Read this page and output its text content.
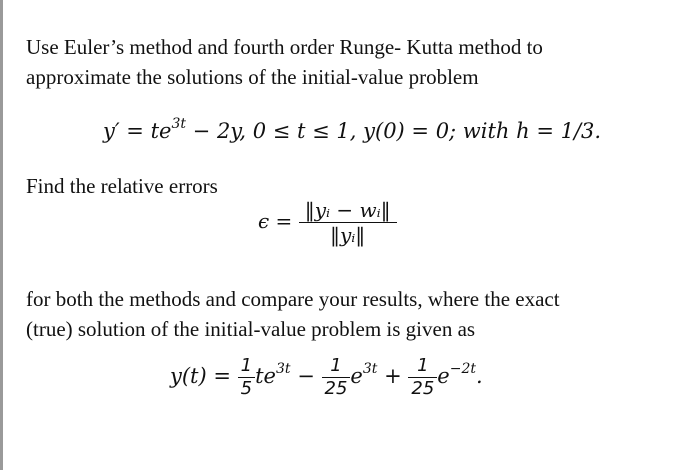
Use Euler’s method and fourth order Runge- Kutta method to
approximate the solutions of the initial-value problem
$y' = te^{3t} - 2y$, 0 ≤ t ≤ 1, y(0) = 0; with h = 1/3.
Find the relative errors
$\epsilon = \frac{\text{‖yᵢ − wᵢ‖}}{\text{‖yᵢ‖}}$
for both the methods and compare your results, where the exact
(true) solution of the initial-value problem is given as
$y(t) = \frac{1}{5} te^{3t} - \frac{1}{25} e^{3t} + \frac{1}{25} e^{-2t}$.
